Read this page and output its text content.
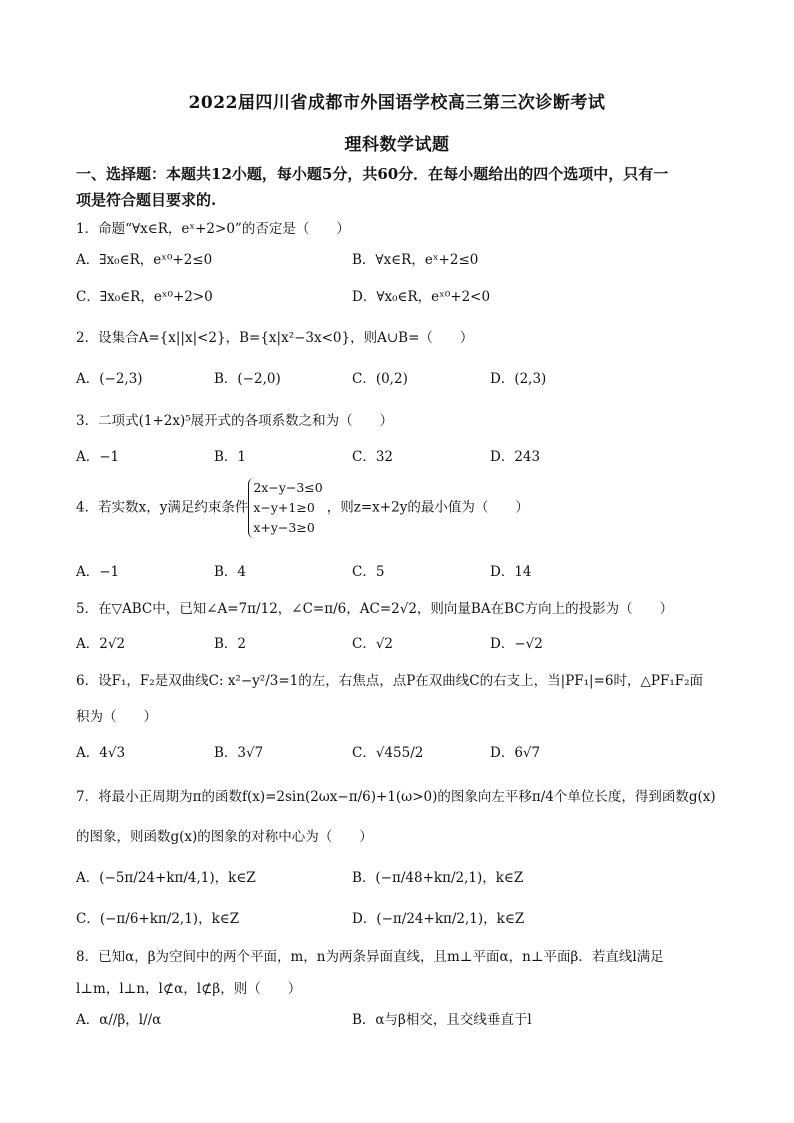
2022届四川省成都市外国语学校高三第三次诊断考试
理科数学试题
一、选择题：本题共12小题，每小题5分，共60分．在每小题给出的四个选项中，只有一
项是符合题目要求的.
1．命题“∀x∈R，eˣ+2>0”的否定是（　　）
A．∃x₀∈R，eˣ⁰+2≤0	B．∀x∈R，eˣ+2≤0
C．∃x₀∈R，eˣ⁰+2>0	D．∀x₀∈R，eˣ⁰+2<0
2．设集合A={x||x|<2}，B={x|x²−3x<0}，则A∪B=（　　）
A．(−2,3)	B．(−2,0)	C．(0,2)	D．(2,3)
3．二项式(1+2x)⁵展开式的各项系数之和为（　　）
A．−1	B．1	C．32	D．243
4．若实数x，y满足约束条件
2x−y−3≤0
x−y+1≥0
x+y−3≥0
，则z=x+2y的最小值为（　　）
A．−1	B．4	C．5	D．14
5．在▽ABC中，已知∠A=7π/12，∠C=π/6，AC=2√2，则向量BA在BC方向上的投影为（　　）
A．2√2	B．2	C．√2	D．−√2
6．设F₁，F₂是双曲线C: x²−y²/3=1的左，右焦点，点P在双曲线C的右支上，当|PF₁|=6时，△PF₁F₂面
积为（　　）
A．4√3	B．3√7	C．√455/2	D．6√7
7．将最小正周期为π的函数f(x)=2sin(2ωx−π/6)+1(ω>0)的图象向左平移π/4个单位长度，得到函数g(x)
的图象，则函数g(x)的图象的对称中心为（　　）
A．(−5π/24+kπ/4,1)，k∈Z	B．(−π/48+kπ/2,1)，k∈Z
C．(−π/6+kπ/2,1)，k∈Z	D．(−π/24+kπ/2,1)，k∈Z
8．已知α，β为空间中的两个平面，m，n为两条异面直线，且m⊥平面α，n⊥平面β．若直线l满足
l⊥m，l⊥n，l⊄α，l⊄β，则（　　）
A．α//β，l//α	B．α与β相交，且交线垂直于l
